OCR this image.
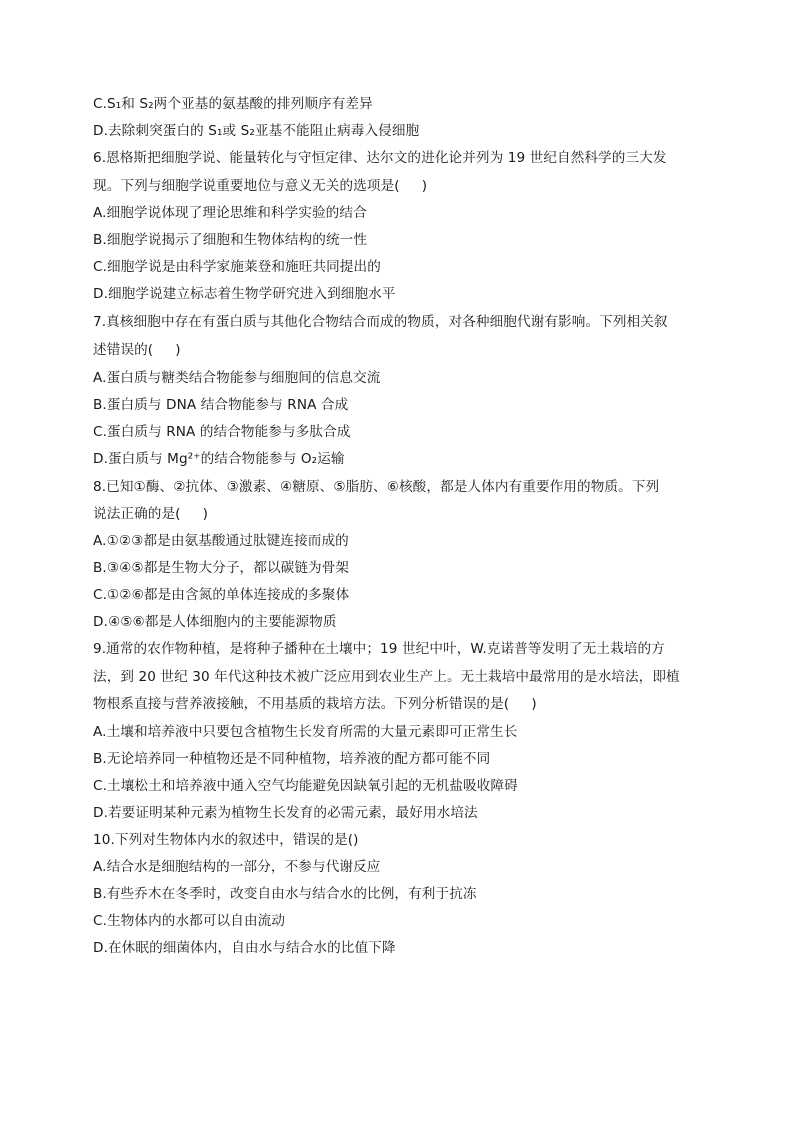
C.S₁和 S₂两个亚基的氨基酸的排列顺序有差异
D.去除刺突蛋白的 S₁或 S₂亚基不能阻止病毒入侵细胞
6.恩格斯把细胞学说、能量转化与守恒定律、达尔文的进化论并列为 19 世纪自然科学的三大发
现。下列与细胞学说重要地位与意义无关的选项是(     )
A.细胞学说体现了理论思维和科学实验的结合
B.细胞学说揭示了细胞和生物体结构的统一性
C.细胞学说是由科学家施莱登和施旺共同提出的
D.细胞学说建立标志着生物学研究进入到细胞水平
7.真核细胞中存在有蛋白质与其他化合物结合而成的物质，对各种细胞代谢有影响。下列相关叙
述错误的(     )
A.蛋白质与糖类结合物能参与细胞间的信息交流
B.蛋白质与 DNA 结合物能参与 RNA 合成
C.蛋白质与 RNA 的结合物能参与多肽合成
D.蛋白质与 Mg²⁺的结合物能参与 O₂运输
8.已知①酶、②抗体、③激素、④糖原、⑤脂肪、⑥核酸，都是人体内有重要作用的物质。下列
说法正确的是(     )
A.①②③都是由氨基酸通过肽键连接而成的
B.③④⑤都是生物大分子，都以碳链为骨架
C.①②⑥都是由含氮的单体连接成的多聚体
D.④⑤⑥都是人体细胞内的主要能源物质
9.通常的农作物种植，是将种子播种在土壤中；19 世纪中叶，W.克诺普等发明了无土栽培的方
法，到 20 世纪 30 年代这种技术被广泛应用到农业生产上。无土栽培中最常用的是水培法，即植
物根系直接与营养液接触，不用基质的栽培方法。下列分析错误的是(     )
A.土壤和培养液中只要包含植物生长发育所需的大量元素即可正常生长
B.无论培养同一种植物还是不同种植物，培养液的配方都可能不同
C.土壤松土和培养液中通入空气均能避免因缺氧引起的无机盐吸收障碍
D.若要证明某种元素为植物生长发育的必需元素，最好用水培法
10.下列对生物体内水的叙述中，错误的是()
A.结合水是细胞结构的一部分，不参与代谢反应
B.有些乔木在冬季时，改变自由水与结合水的比例，有利于抗冻
C.生物体内的水都可以自由流动
D.在休眠的细菌体内，自由水与结合水的比值下降
